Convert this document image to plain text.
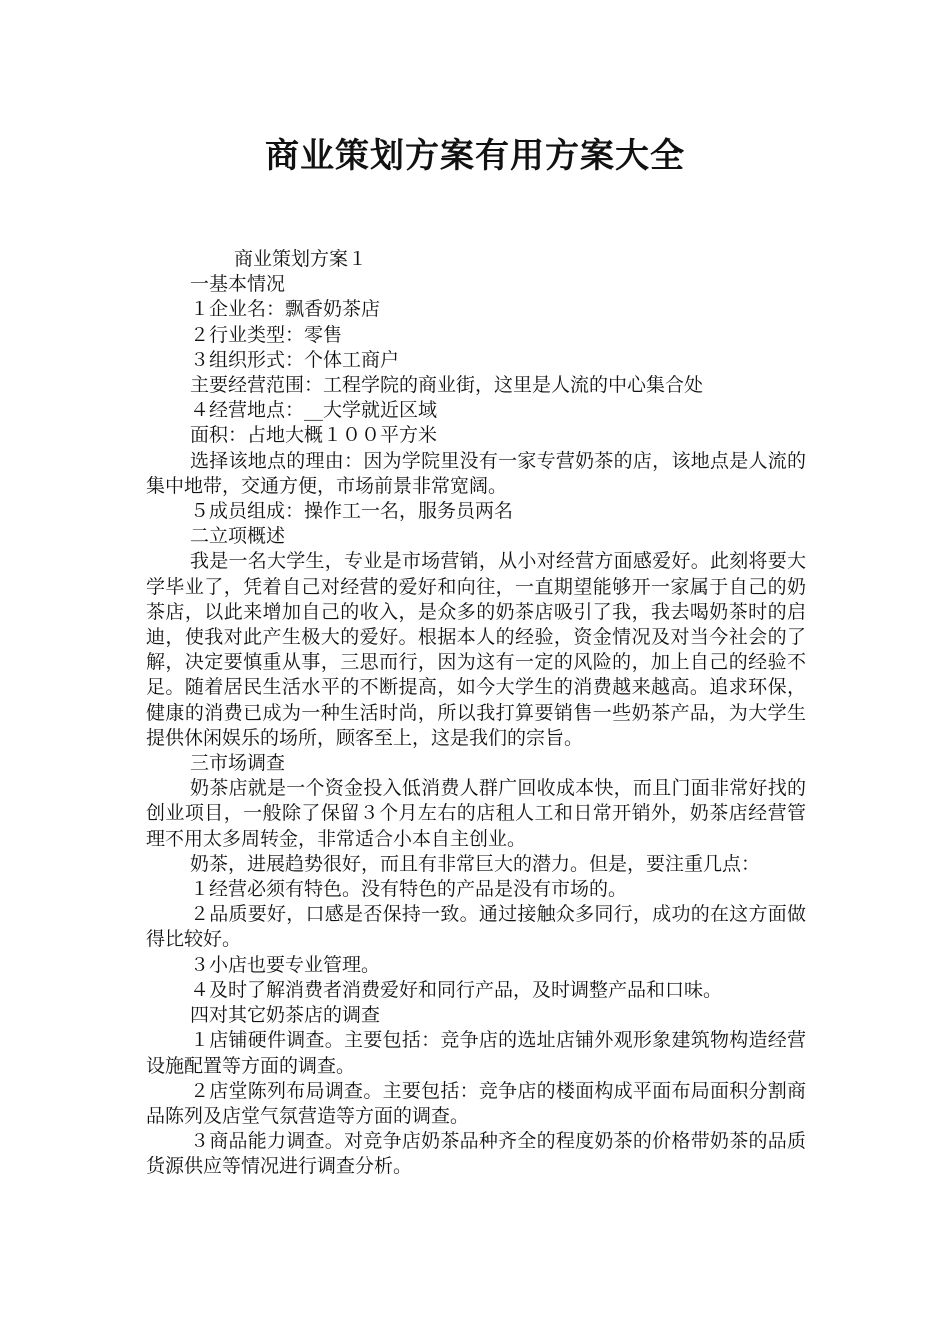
商业策划方案有用方案大全

商业策划方案１

一基本情况

１企业名：飘香奶茶店

２行业类型：零售

３组织形式：个体工商户

主要经营范围：工程学院的商业街，这里是人流的中心集合处

４经营地点：__大学就近区域

面积：占地大概１００平方米

选择该地点的理由：因为学院里没有一家专营奶茶的店，该地点是人流的集中地带，交通方便，市场前景非常宽阔。

５成员组成：操作工一名，服务员两名

二立项概述

我是一名大学生，专业是市场营销，从小对经营方面感爱好。此刻将要大学毕业了，凭着自己对经营的爱好和向往，一直期望能够开一家属于自己的奶茶店，以此来增加自己的收入，是众多的奶茶店吸引了我，我去喝奶茶时的启迪，使我对此产生极大的爱好。根据本人的经验，资金情况及对当今社会的了解，决定要慎重从事，三思而行，因为这有一定的风险的，加上自己的经验不足。随着居民生活水平的不断提高，如今大学生的消费越来越高。追求环保，健康的消费已成为一种生活时尚，所以我打算要销售一些奶茶产品，为大学生提供休闲娱乐的场所，顾客至上，这是我们的宗旨。

三市场调查

奶茶店就是一个资金投入低消费人群广回收成本快，而且门面非常好找的创业项目，一般除了保留３个月左右的店租人工和日常开销外，奶茶店经营管理不用太多周转金，非常适合小本自主创业。

奶茶，进展趋势很好，而且有非常巨大的潜力。但是，要注重几点：

１经营必须有特色。没有特色的产品是没有市场的。

２品质要好，口感是否保持一致。通过接触众多同行，成功的在这方面做得比较好。

３小店也要专业管理。

４及时了解消费者消费爱好和同行产品，及时调整产品和口味。

四对其它奶茶店的调查

１店铺硬件调查。主要包括：竞争店的选址店铺外观形象建筑物构造经营设施配置等方面的调查。

２店堂陈列布局调查。主要包括：竞争店的楼面构成平面布局面积分割商品陈列及店堂气氛营造等方面的调查。

３商品能力调查。对竞争店奶茶品种齐全的程度奶茶的价格带奶茶的品质货源供应等情况进行调查分析。
